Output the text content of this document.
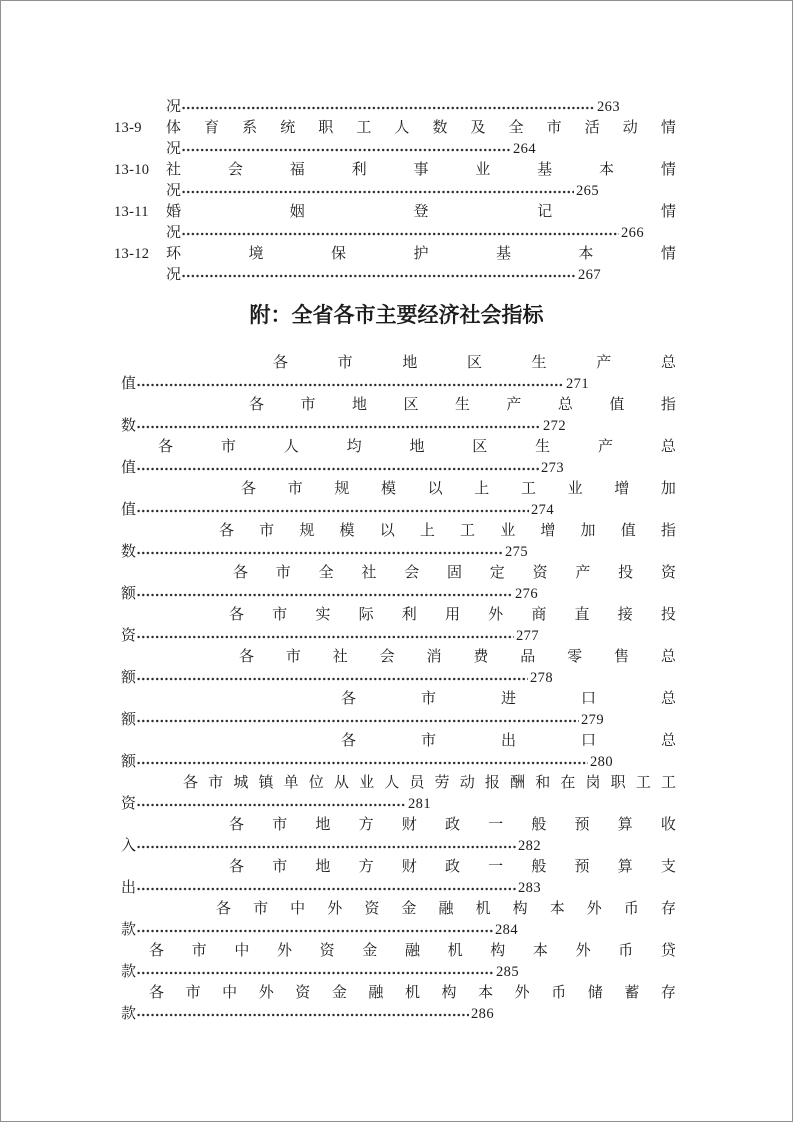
况	263
13-9 体 育 系 统 职 工 人 数 及 全 市 活 动 情
况	264
13-10 社	会	福	利	事	业	基	本	情
况	265
13-11 婚	姻	登	记	情
况	266
13-12 环	境	保	护	基	本	情
况	267
附：全省各市主要经济社会指标
各	市	地	区	生	产	总
值	271
各 市 地 区 生 产 总 值 指
数	272
各	市	人	均	地	区	生	产	总
值	273
各 市 规 模 以 上 工 业 增 加
值	274
各 市 规 模 以 上 工 业 增 加 值 指
数	275
各 市 全 社 会 固 定 资 产 投 资
额	276
各 市 实 际 利 用 外 商 直 接 投
资	277
各 市 社 会 消 费 品 零 售 总
额	278
各	市	进	口	总
额	279
各	市	出	口	总
额	280
各 市 城 镇 单 位 从 业 人 员 劳 动 报 酬 和 在 岗 职 工 工
资	281
各 市 地 方 财 政 一 般 预 算 收
入	282
各 市 地 方 财 政 一 般 预 算 支
出	283
各 市 中 外 资 金 融 机 构 本 外 币 存
款	284
各 市 中 外 资 金 融 机 构 本 外 币 贷
款	285
各 市 中 外 资 金 融 机 构 本 外 币 储 蓄 存
款	286
